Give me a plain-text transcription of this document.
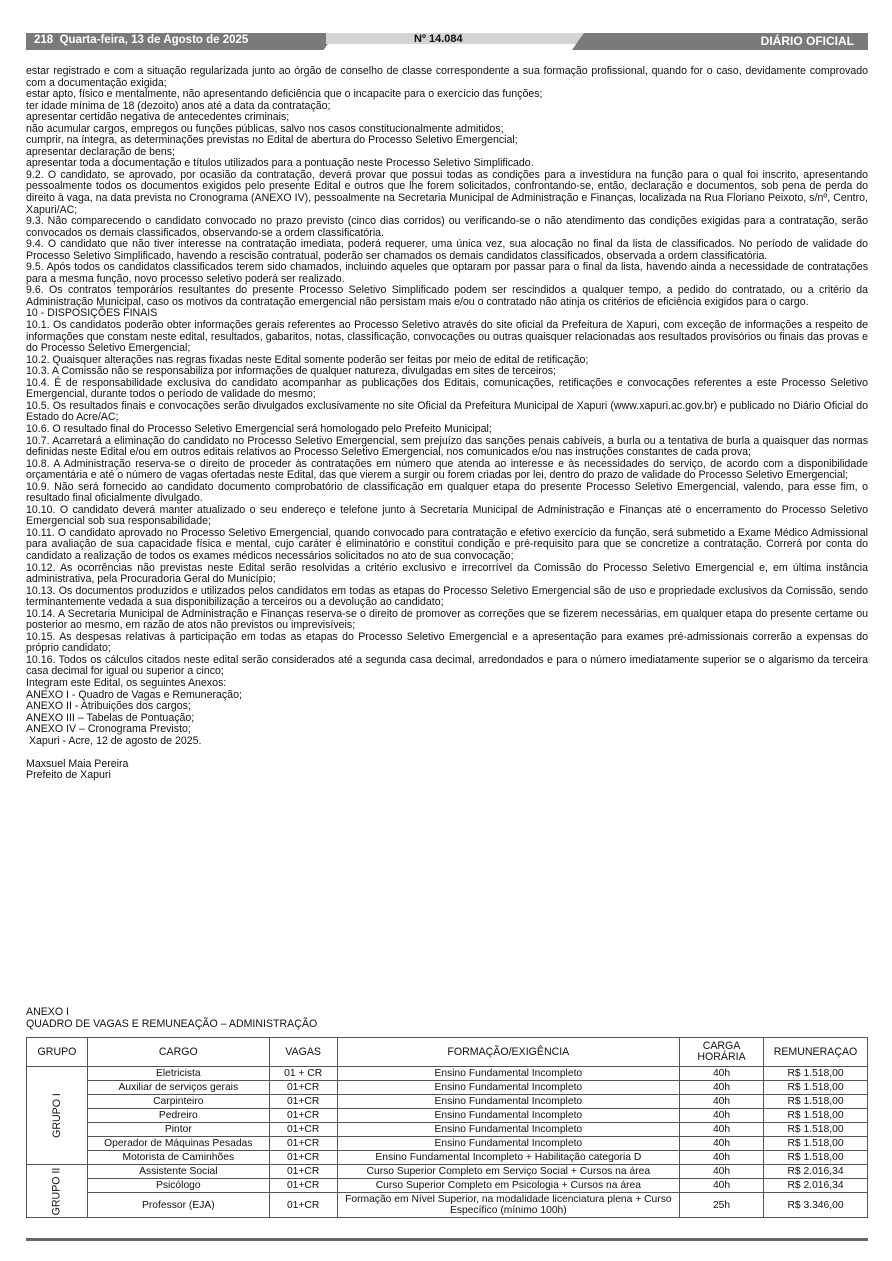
218 Quarta-feira, 13 de Agosto de 2025	Nº 14.084	DIÁRIO OFICIAL

estar registrado e com a situação regularizada junto ao órgão de conselho de classe correspondente a sua formação profissional, quando for o caso, devidamente comprovado com a documentação exigida;

estar apto, físico e mentalmente, não apresentando deficiência que o incapacite para o exercício das funções;

ter idade mínima de 18 (dezoito) anos até a data da contratação;

apresentar certidão negativa de antecedentes criminais;

não acumular cargos, empregos ou funções públicas, salvo nos casos constitucionalmente admitidos;

cumprir, na íntegra, as determinações previstas no Edital de abertura do Processo Seletivo Emergencial;

apresentar declaração de bens;

apresentar toda a documentação e títulos utilizados para a pontuação neste Processo Seletivo Simplificado.

9.2. O candidato, se aprovado, por ocasião da contratação, deverá provar que possui todas as condições para a investidura na função para o qual foi inscrito, apresentando pessoalmente todos os documentos exigidos pelo presente Edital e outros que lhe forem solicitados, confrontando-se, então, declaração e documentos, sob pena de perda do direito à vaga, na data prevista no Cronograma (ANEXO IV), pessoalmente na Secretaria Municipal de Administração e Finanças, localizada na Rua Floriano Peixoto, s/nº, Centro, Xapuri/AC;

9.3. Não comparecendo o candidato convocado no prazo previsto (cinco dias corridos) ou verificando-se o não atendimento das condições exigidas para a contratação, serão convocados os demais classificados, observando-se a ordem classificatória.

9.4. O candidato que não tiver interesse na contratação imediata, poderá requerer, uma única vez, sua alocação no final da lista de classificados. No período de validade do Processo Seletivo Simplificado, havendo a rescisão contratual, poderão ser chamados os demais candidatos classificados, observada a ordem classificatória.

9.5. Após todos os candidatos classificados terem sido chamados, incluindo aqueles que optaram por passar para o final da lista, havendo ainda a necessidade de contratações para a mesma função, novo processo seletivo poderá ser realizado.

9.6. Os contratos temporários resultantes do presente Processo Seletivo Simplificado podem ser rescindidos a qualquer tempo, a pedido do contratado, ou a critério da Administração Municipal, caso os motivos da contratação emergencial não persistam mais e/ou o contratado não atinja os critérios de eficiência exigidos para o cargo.

10 - DISPOSIÇÕES FINAIS

10.1. Os candidatos poderão obter informações gerais referentes ao Processo Seletivo através do site oficial da Prefeitura de Xapuri, com exceção de informações a respeito de informações que constam neste edital, resultados, gabaritos, notas, classificação, convocações ou outras quaisquer relacionadas aos resultados provisórios ou finais das provas e do Processo Seletivo Emergencial;

10.2. Quaisquer alterações nas regras fixadas neste Edital somente poderão ser feitas por meio de edital de retificação;

10.3. A Comissão não se responsabiliza por informações de qualquer natureza, divulgadas em sites de terceiros;

10.4. É de responsabilidade exclusiva do candidato acompanhar as publicações dos Editais, comunicações, retificações e convocações referentes a este Processo Seletivo Emergencial, durante todos o período de validade do mesmo;

10.5. Os resultados finais e convocações serão divulgados exclusivamente no site Oficial da Prefeitura Municipal de Xapuri (www.xapuri.ac.gov.br) e publicado no Diário Oficial do Estado do Acre/AC;

10.6. O resultado final do Processo Seletivo Emergencial será homologado pelo Prefeito Municipal;

10.7. Acarretará a eliminação do candidato no Processo Seletivo Emergencial, sem prejuízo das sanções penais cabíveis, a burla ou a tentativa de burla a quaisquer das normas definidas neste Edital e/ou em outros editais relativos ao Processo Seletivo Emergencial, nos comunicados e/ou nas instruções constantes de cada prova;

10.8. A Administração reserva-se o direito de proceder às contratações em número que atenda ao interesse e às necessidades do serviço, de acordo com a disponibilidade orçamentária e até o número de vagas ofertadas neste Edital, das que vierem a surgir ou forem criadas por lei, dentro do prazo de validade do Processo Seletivo Emergencial;

10.9. Não será fornecido ao candidato documento comprobatório de classificação em qualquer etapa do presente Processo Seletivo Emergencial, valendo, para esse fim, o resultado final oficialmente divulgado.

10.10. O candidato deverá manter atualizado o seu endereço e telefone junto à Secretaria Municipal de Administração e Finanças até o encerramento do Processo Seletivo Emergencial sob sua responsabilidade;

10.11. O candidato aprovado no Processo Seletivo Emergencial, quando convocado para contratação e efetivo exercício da função, será submetido a Exame Médico Admissional para avaliação de sua capacidade física e mental, cujo caráter é eliminatório e constitui condição e pré-requisito para que se concretize a contratação. Correrá por conta do candidato a realização de todos os exames médicos necessários solicitados no ato de sua convocação;

10.12. As ocorrências não previstas neste Edital serão resolvidas a critério exclusivo e irrecorrível da Comissão do Processo Seletivo Emergencial e, em última instância administrativa, pela Procuradoria Geral do Município;

10.13. Os documentos produzidos e utilizados pelos candidatos em todas as etapas do Processo Seletivo Emergencial são de uso e propriedade exclusivos da Comissão, sendo terminantemente vedada a sua disponibilização a terceiros ou a devolução ao candidato;

10.14. A Secretaria Municipal de Administração e Finanças reserva-se o direito de promover as correções que se fizerem necessárias, em qualquer etapa do presente certame ou posterior ao mesmo, em razão de atos não previstos ou imprevisíveis;

10.15. As despesas relativas à participação em todas as etapas do Processo Seletivo Emergencial e a apresentação para exames pré-admissionais correrão a expensas do próprio candidato;

10.16. Todos os cálculos citados neste edital serão considerados até a segunda casa decimal, arredondados e para o número imediatamente superior se o algarismo da terceira casa decimal for igual ou superior a cinco;

Integram este Edital, os seguintes Anexos:

ANEXO I - Quadro de Vagas e Remuneração;

ANEXO II - Atribuições dos cargos;

ANEXO III – Tabelas de Pontuação;

ANEXO IV – Cronograma Previsto;

Xapuri - Acre, 12 de agosto de 2025.

Maxsuel Maia Pereira

Prefeito de Xapuri

ANEXO I
QUADRO DE VAGAS E REMUNEAÇÃO – ADMINISTRAÇÃO
GRUPO	CARGO	VAGAS	FORMAÇÃO/EXIGÊNCIA	CARGA HORÁRIA	REMUNERAÇAO
GRUPO I	Eletricista	01 + CR	Ensino Fundamental Incompleto	40h	R$ 1.518,00
	Auxiliar de serviços gerais	01+CR	Ensino Fundamental Incompleto	40h	R$ 1.518,00
	Carpinteiro	01+CR	Ensino Fundamental Incompleto	40h	R$ 1.518,00
	Pedreiro	01+CR	Ensino Fundamental Incompleto	40h	R$ 1.518,00
	Pintor	01+CR	Ensino Fundamental Incompleto	40h	R$ 1.518,00
	Operador de Máquinas Pesadas	01+CR	Ensino Fundamental Incompleto	40h	R$ 1.518,00
	Motorista de Caminhões	01+CR	Ensino Fundamental Incompleto + Habilitação categoria D	40h	R$ 1.518,00
GRUPO II	Assistente Social	01+CR	Curso Superior Completo em Serviço Social + Cursos na área	40h	R$ 2.016,34
	Psicólogo	01+CR	Curso Superior Completo em Psicologia + Cursos na área	40h	R$ 2.016,34
	Professor (EJA)	01+CR	Formação em Nível Superior, na modalidade licenciatura plena + Curso Específico (mínimo 100h)	25h	R$ 3.346,00
